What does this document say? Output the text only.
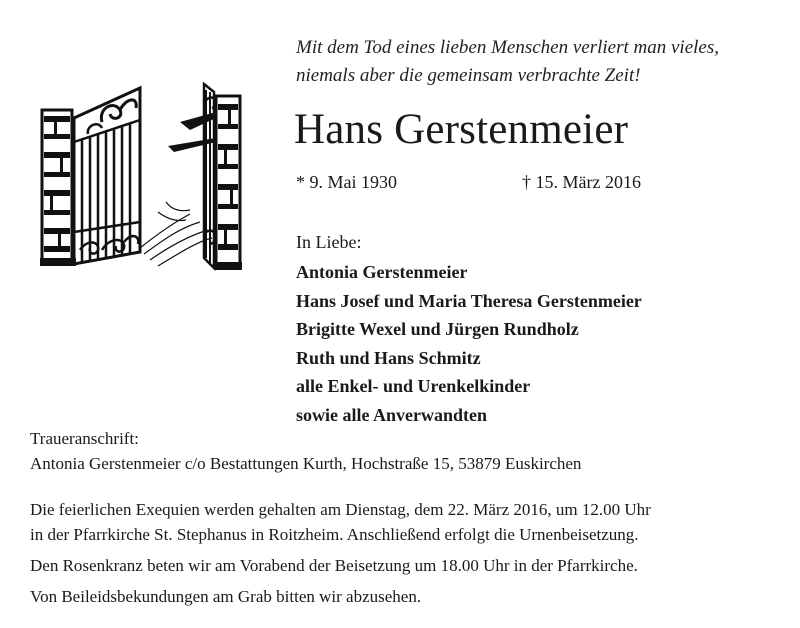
Mit dem Tod eines lieben Menschen verliert man vieles,
niemals aber die gemeinsam verbrachte Zeit!
Hans Gerstenmeier
* 9. Mai 1930	† 15. März 2016
In Liebe:
Antonia Gerstenmeier
Hans Josef und Maria Theresa Gerstenmeier
Brigitte Wexel und Jürgen Rundholz
Ruth und Hans Schmitz
alle Enkel- und Urenkelkinder
sowie alle Anverwandten
Traueranschrift:
Antonia Gerstenmeier c/o Bestattungen Kurth, Hochstraße 15, 53879 Euskirchen
Die feierlichen Exequien werden gehalten am Dienstag, dem 22. März 2016, um 12.00 Uhr
in der Pfarrkirche St. Stephanus in Roitzheim. Anschließend erfolgt die Urnenbeisetzung.
Den Rosenkranz beten wir am Vorabend der Beisetzung um 18.00 Uhr in der Pfarrkirche.
Von Beileidsbekundungen am Grab bitten wir abzusehen.
